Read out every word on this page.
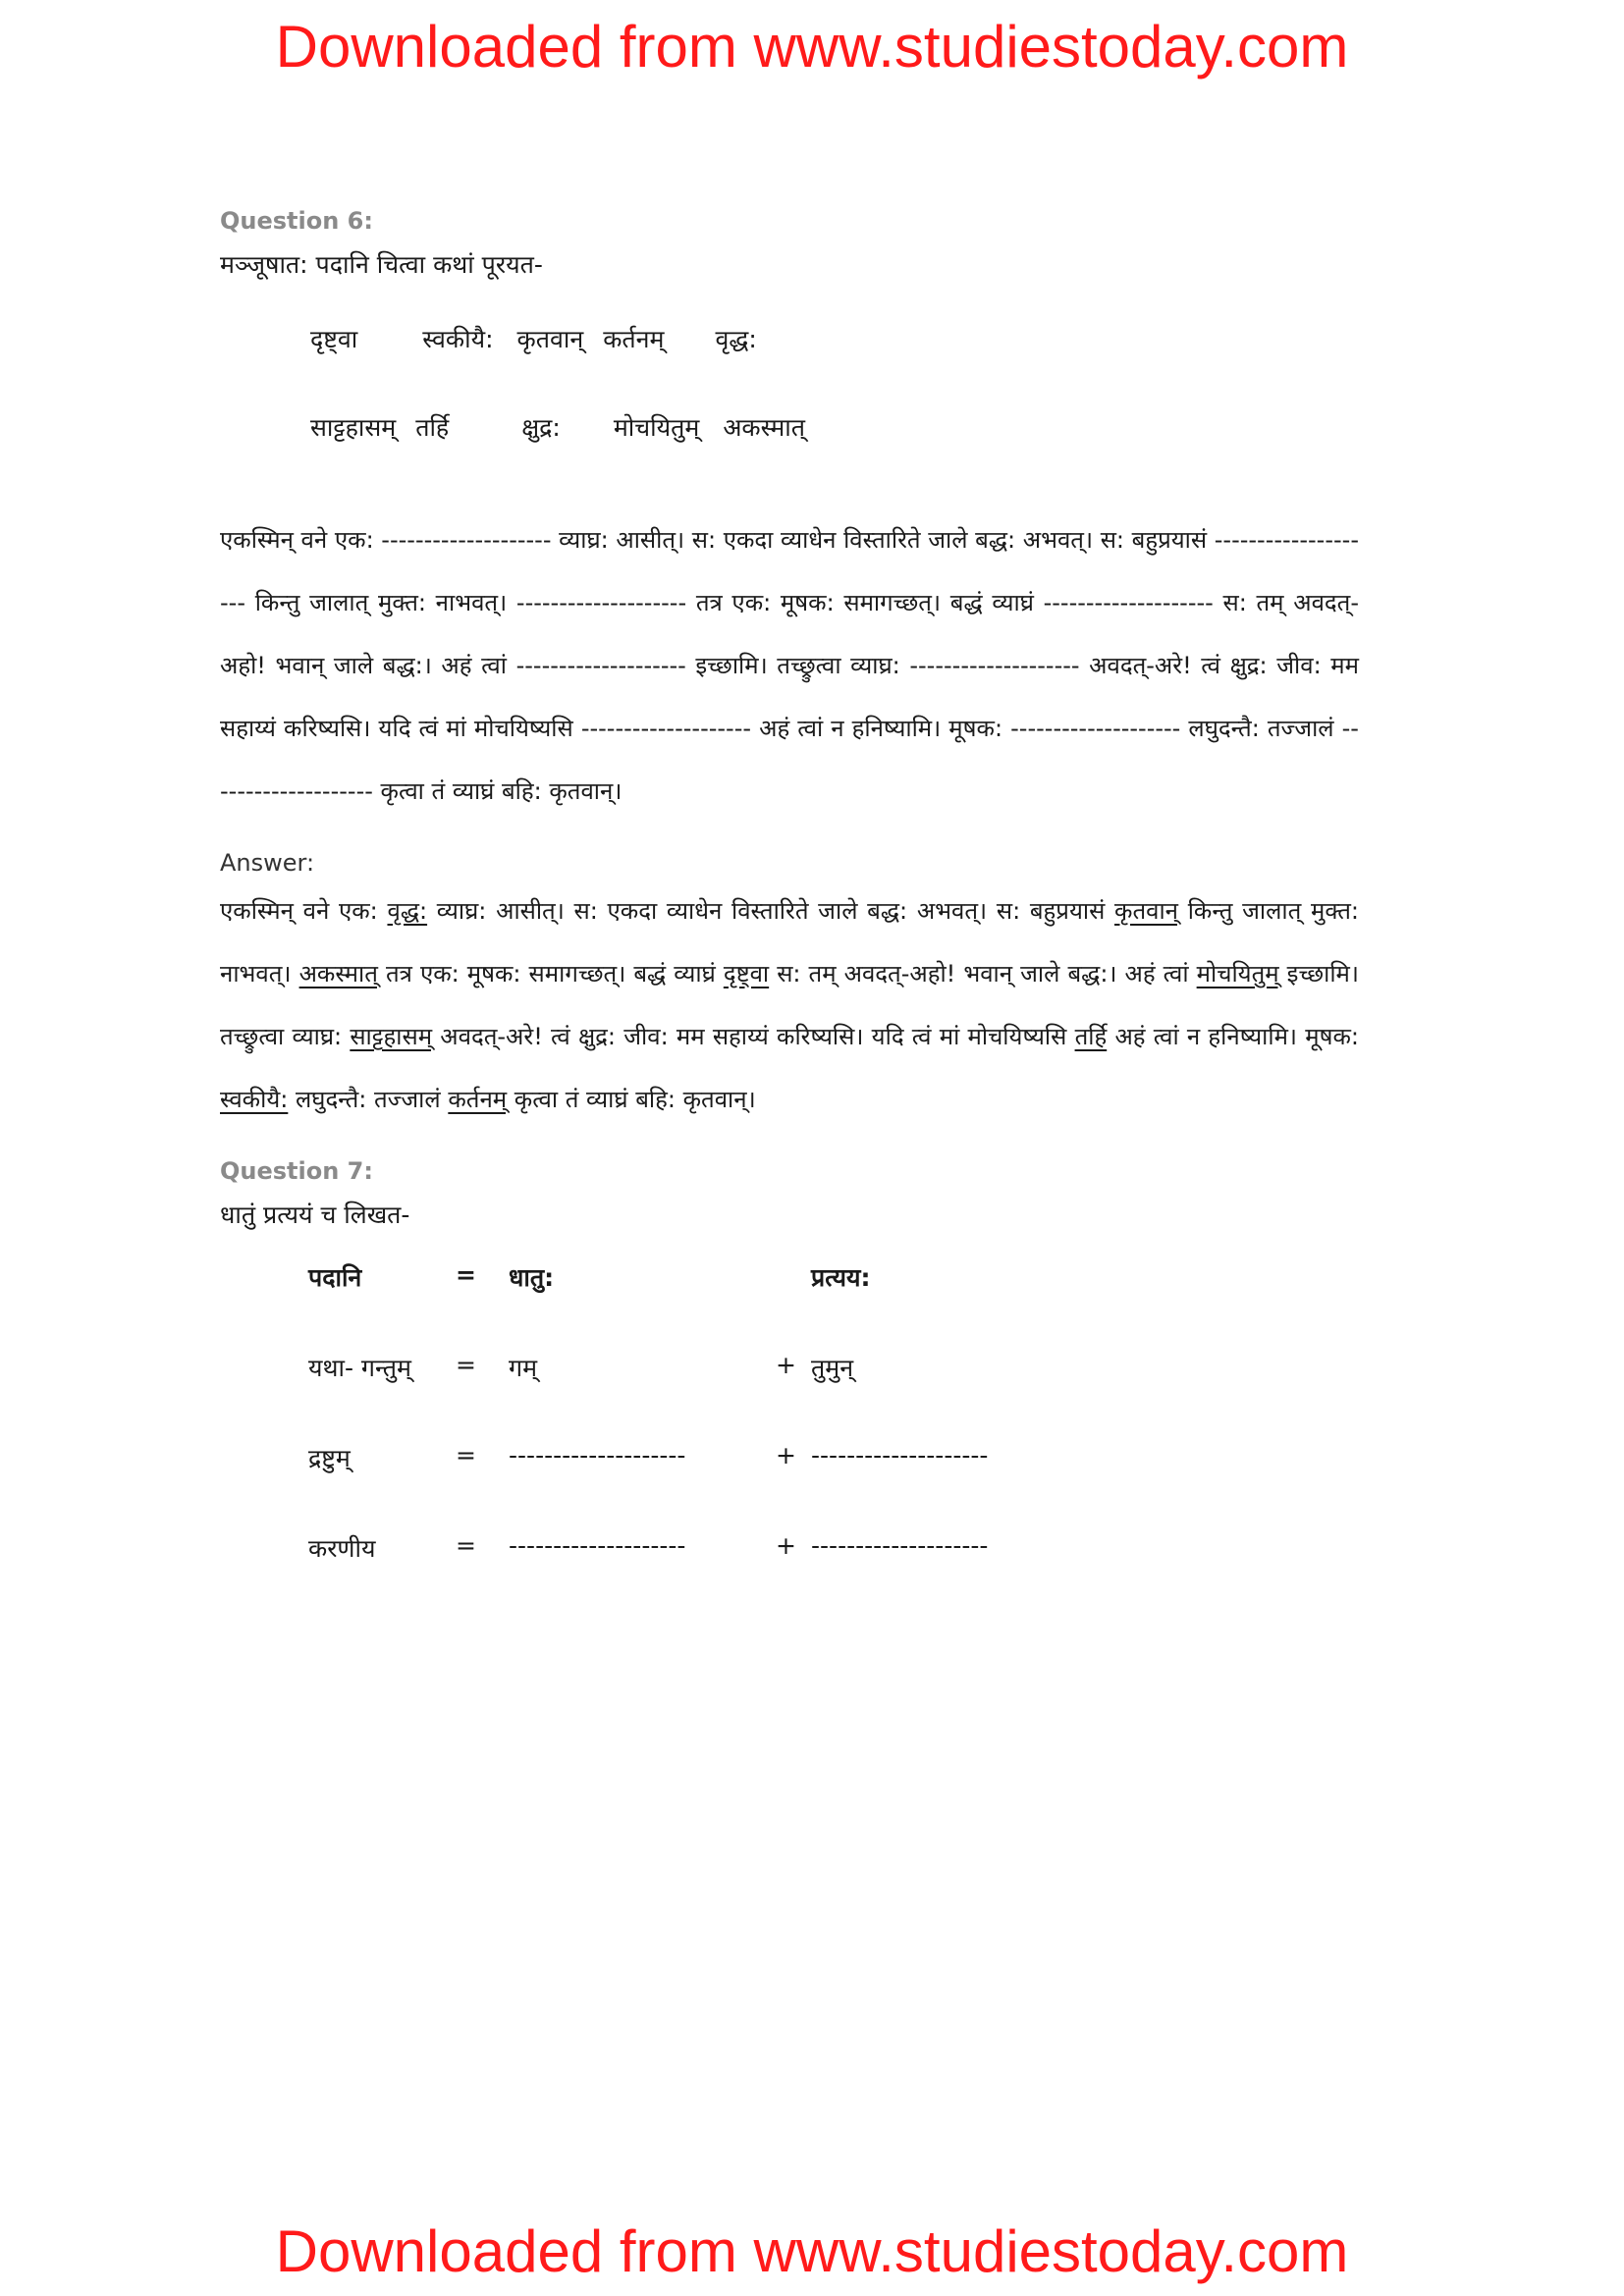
Downloaded from www.studiestoday.com
Question 6:
मञ्जूषात: पदानि चित्वा कथां पूरयत-
दृष्ट्वा	स्वकीयै: कृतवान् कर्तनम् वृद्ध:
साट्टहासम् तर्हि	क्षुद्र: मोचयितुम् अकस्मात्

एकस्मिन् वने एक: -------------------- व्याघ्र: आसीत्। स: एकदा व्याधेन विस्तारिते जाले बद्ध: अभवत्। स: बहुप्रयासं -------------------- किन्तु जालात् मुक्त: नाभवत्। -------------------- तत्र एक: मूषक: समागच्छत्। बद्धं व्याघ्रं -------------------- स: तम् अवदत्-अहो! भवान् जाले बद्ध:। अहं त्वां -------------------- इच्छामि। तच्छ्रुत्वा व्याघ्र: -------------------- अवदत्-अरे! त्वं क्षुद्र: जीव: मम सहाय्यं करिष्यसि। यदि त्वं मां मोचयिष्यसि -------------------- अहं त्वां न हनिष्यामि। मूषक: -------------------- लघुदन्तै: तज्जालं -------------------- कृत्वा तं व्याघ्रं बहि: कृतवान्।

Answer:

एकस्मिन् वने एक: वृद्ध: व्याघ्र: आसीत्। स: एकदा व्याधेन विस्तारिते जाले बद्ध: अभवत्। स: बहुप्रयासं कृतवान् किन्तु जालात् मुक्त: नाभवत्। अकस्मात् तत्र एक: मूषक: समागच्छत्। बद्धं व्याघ्रं दृष्ट्वा स: तम् अवदत्-अहो! भवान् जाले बद्ध:। अहं त्वां मोचयितुम् इच्छामि। तच्छ्रुत्वा व्याघ्र: साट्टहासम् अवदत्-अरे! त्वं क्षुद्र: जीव: मम सहाय्यं करिष्यसि। यदि त्वं मां मोचयिष्यसि तर्हि अहं त्वां न हनिष्यामि। मूषक: स्वकीयै: लघुदन्तै: तज्जालं कर्तनम् कृत्वा तं व्याघ्रं बहि: कृतवान्।

Question 7:
धातुं प्रत्ययं च लिखत-
पदानि	=	धातु:		प्रत्यय:
यथा- गन्तुम्	=	गम्	+	तुमुन्
द्रष्टुम्	=	--------------------	+	--------------------
करणीय	=	--------------------	+	--------------------
Downloaded from www.studiestoday.com
